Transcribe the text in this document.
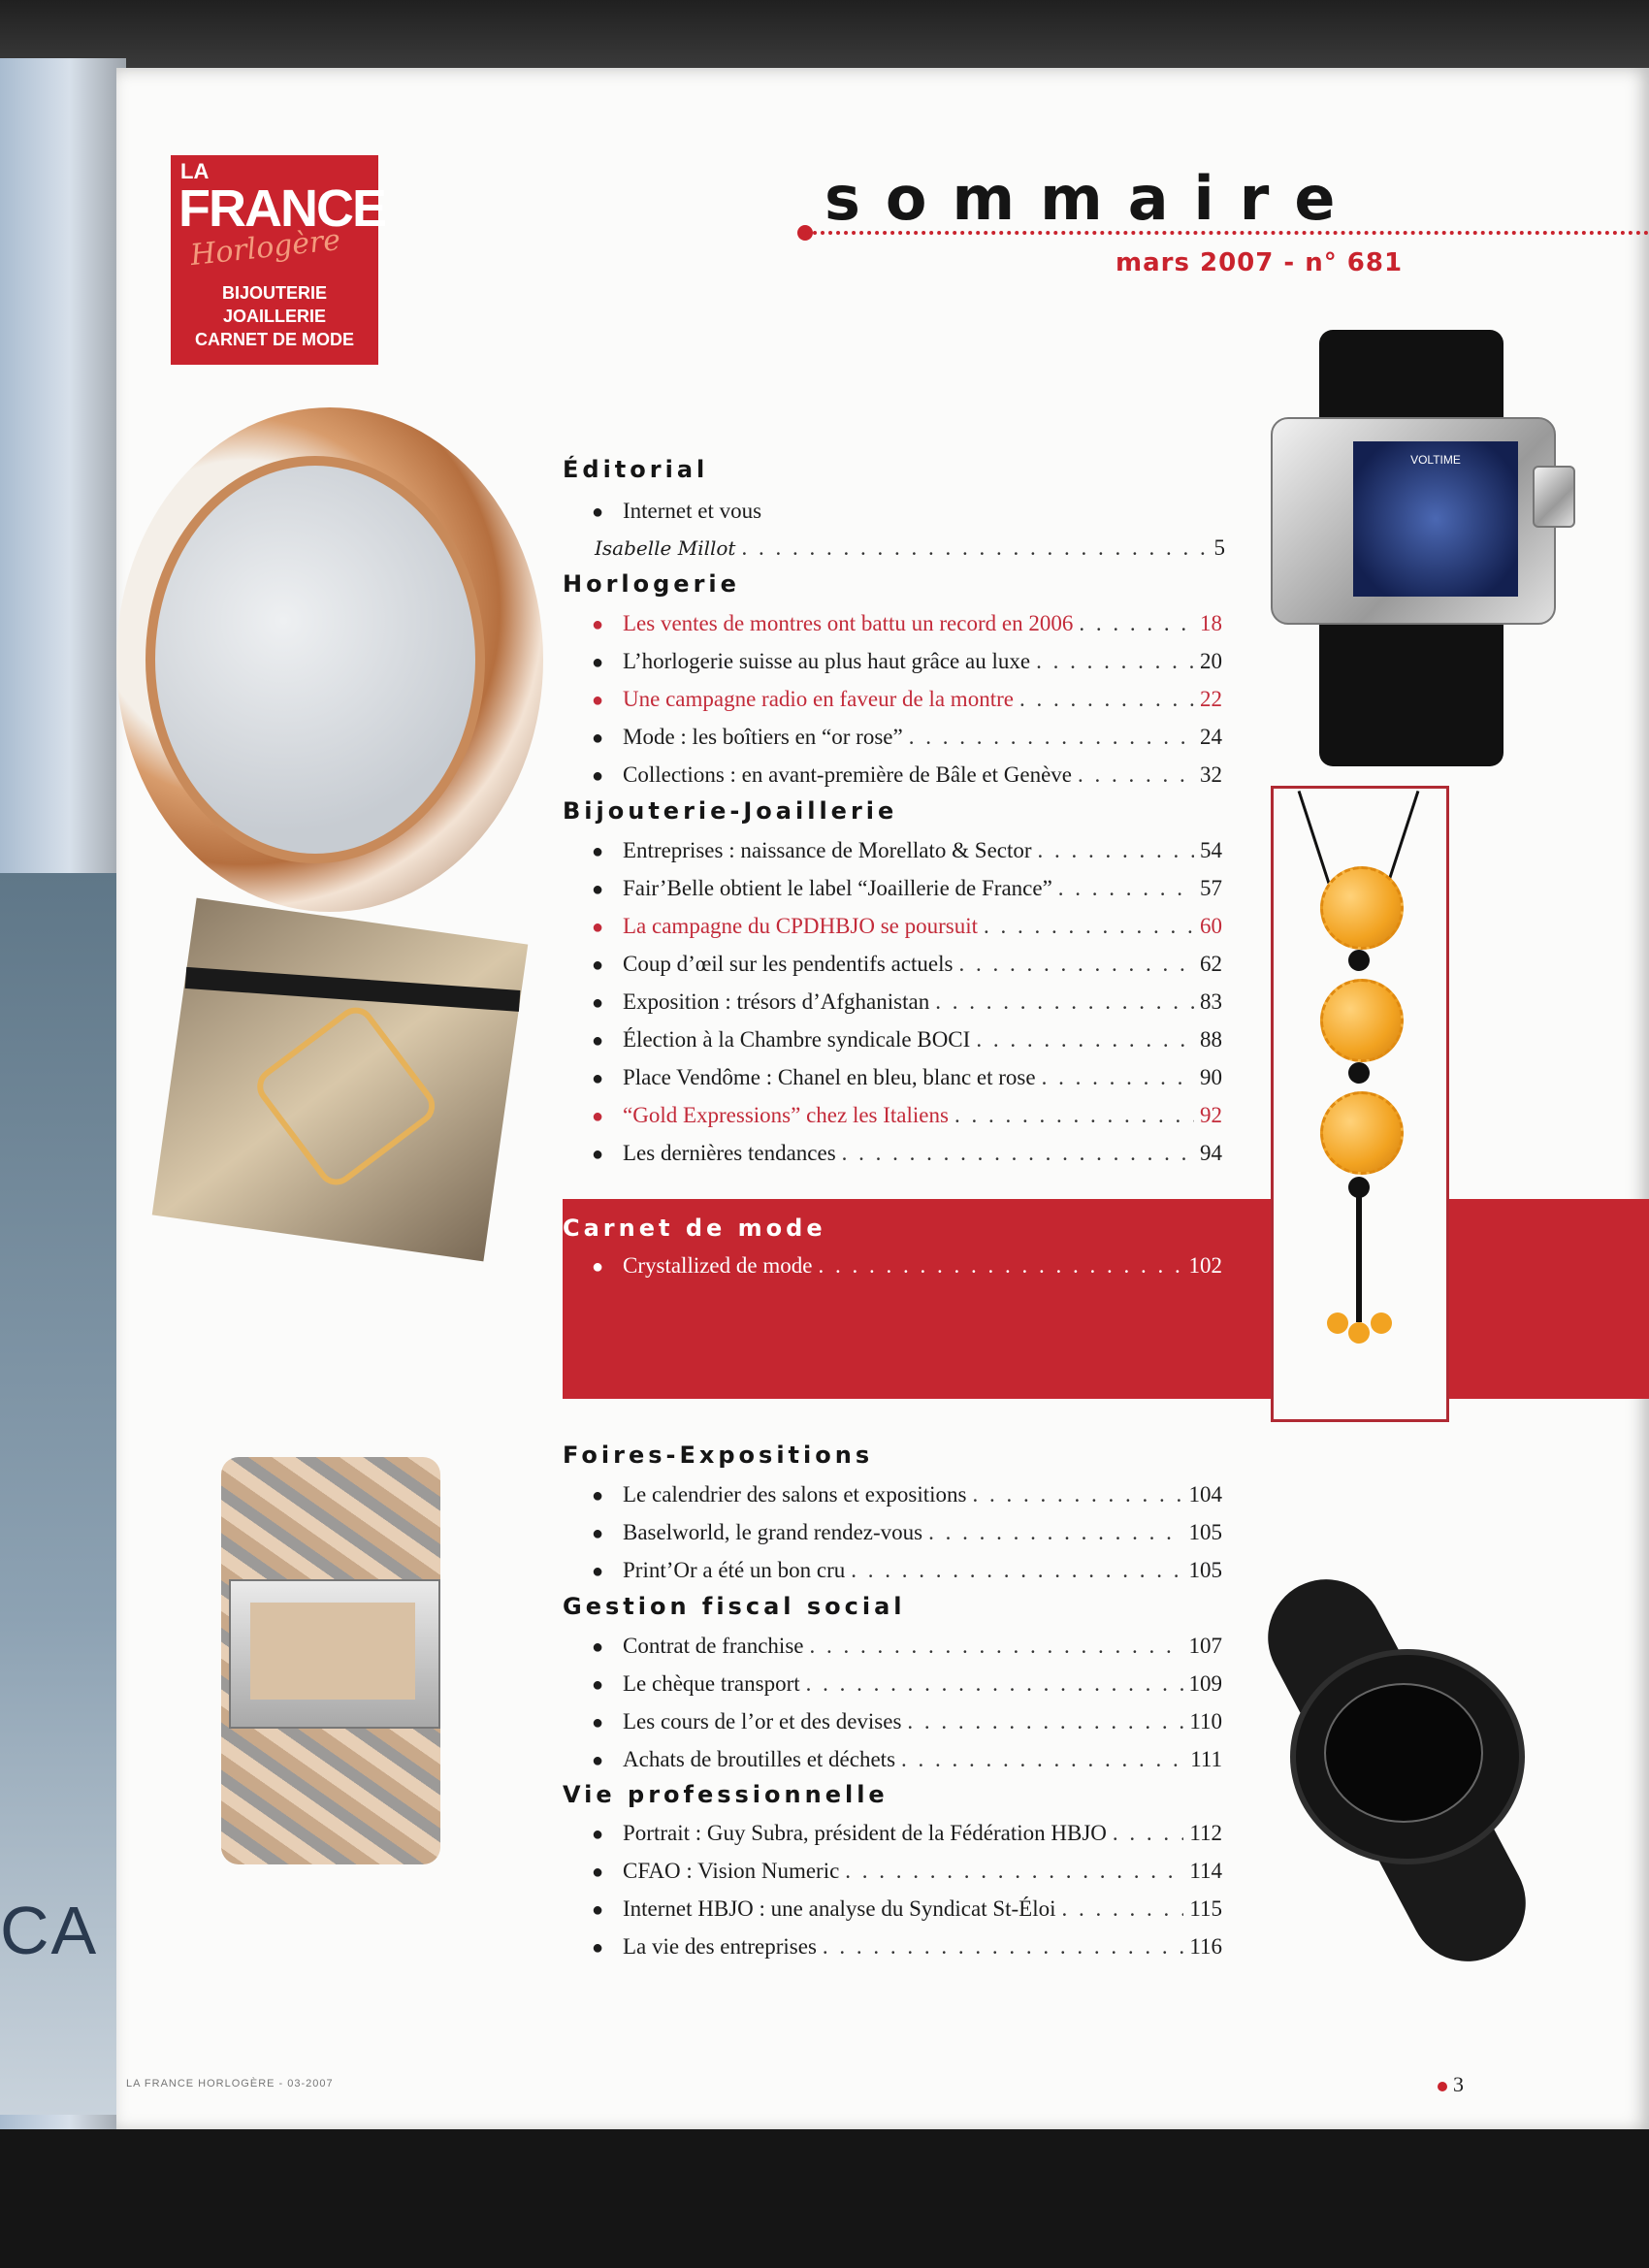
CA
LA
FRANCE
Horlogère
BIJOUTERIE
JOAILLERIE
CARNET DE MODE
sommaire
mars 2007 - n° 681
VOLTIME
Éditorial
● Internet et vous
Isabelle Millot . . .	5
Horlogerie
● Les ventes de montres ont battu un record en 2006 . . .	18
● L’horlogerie suisse au plus haut grâce au luxe . . .	20
● Une campagne radio en faveur de la montre . . .	22
● Mode : les boîtiers en “or rose” . . .	24
● Collections : en avant-première de Bâle et Genève . . .	32
Bijouterie-Joaillerie
● Entreprises : naissance de Morellato & Sector . . .	54
● Fair’Belle obtient le label “Joaillerie de France” . . .	57
● La campagne du CPDHBJO se poursuit . . .	60
● Coup d’œil sur les pendentifs actuels . . .	62
● Exposition : trésors d’Afghanistan . . .	83
● Élection à la Chambre syndicale BOCI . . .	88
● Place Vendôme : Chanel en bleu, blanc et rose . . .	90
● “Gold Expressions” chez les Italiens . . .	92
● Les dernières tendances . . .	94
Carnet de mode
● Crystallized de mode . . .	102
Foires-Expositions
● Le calendrier des salons et expositions . . .	104
● Baselworld, le grand rendez-vous . . .	105
● Print’Or a été un bon cru . . .	105
Gestion fiscal social
● Contrat de franchise . . .	107
● Le chèque transport . . .	109
● Les cours de l’or et des devises . . .	110
● Achats de broutilles et déchets . . .	111
Vie professionnelle
● Portrait : Guy Subra, président de la Fédération HBJO . . .	112
● CFAO : Vision Numeric . . .	114
● Internet HBJO : une analyse du Syndicat St-Éloi . . .	115
● La vie des entreprises . . .	116
LA FRANCE HORLOGÈRE - 03-2007	3
